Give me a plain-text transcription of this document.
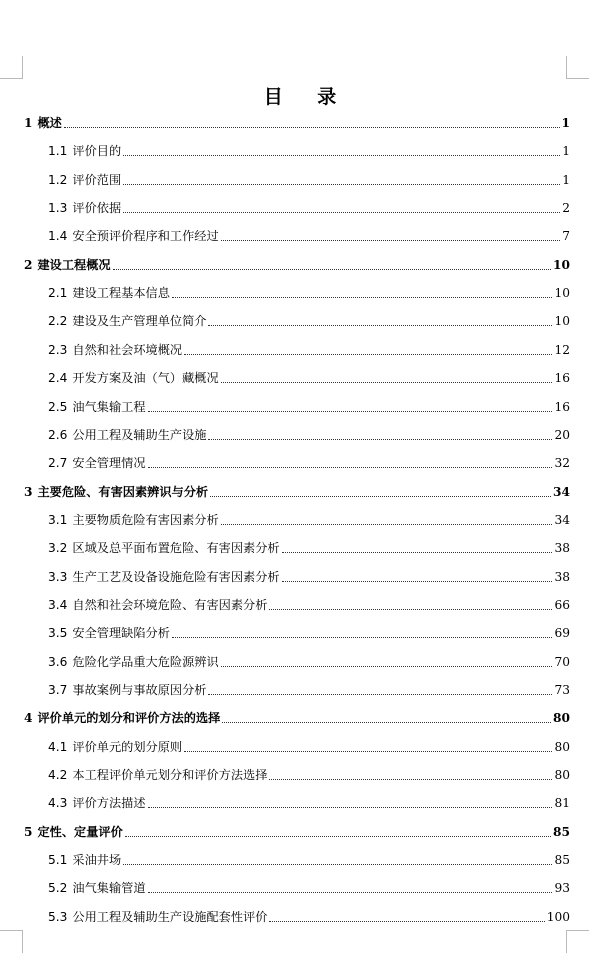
目 录
1 概述	1
1.1 评价目的	1
1.2 评价范围	1
1.3 评价依据	2
1.4 安全预评价程序和工作经过	7
2 建设工程概况	10
2.1 建设工程基本信息	10
2.2 建设及生产管理单位简介	10
2.3 自然和社会环境概况	12
2.4 开发方案及油（气）藏概况	16
2.5 油气集输工程	16
2.6 公用工程及辅助生产设施	20
2.7 安全管理情况	32
3 主要危险、有害因素辨识与分析	34
3.1 主要物质危险有害因素分析	34
3.2 区域及总平面布置危险、有害因素分析	38
3.3 生产工艺及设备设施危险有害因素分析	38
3.4 自然和社会环境危险、有害因素分析	66
3.5 安全管理缺陷分析	69
3.6 危险化学品重大危险源辨识	70
3.7 事故案例与事故原因分析	73
4 评价单元的划分和评价方法的选择	80
4.1 评价单元的划分原则	80
4.2 本工程评价单元划分和评价方法选择	80
4.3 评价方法描述	81
5 定性、定量评价	85
5.1 采油井场	85
5.2 油气集输管道	93
5.3 公用工程及辅助生产设施配套性评价	100
